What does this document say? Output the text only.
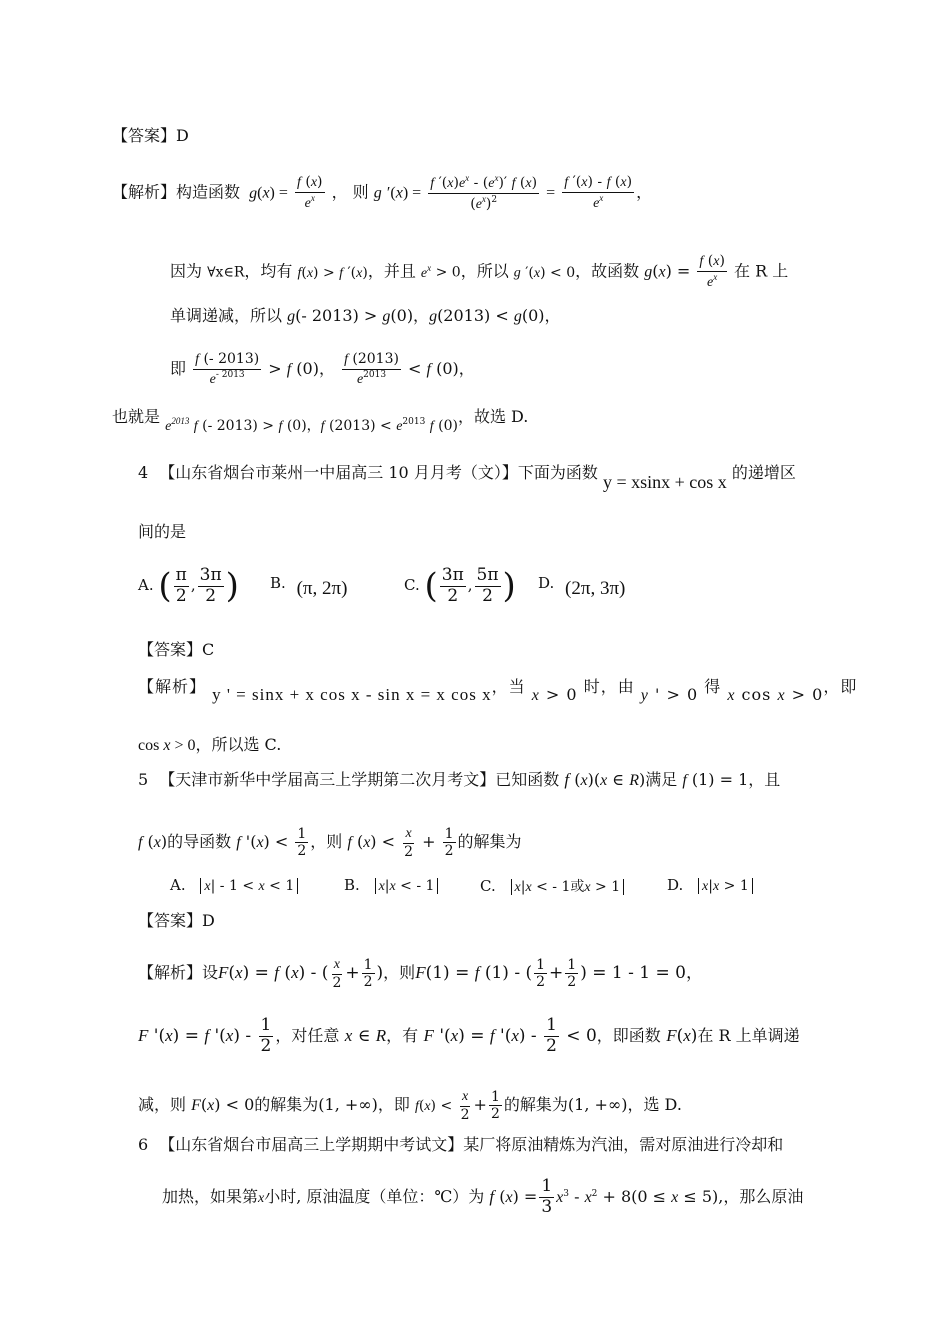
【答案】D
【解析】构造函数 $g(x) = \frac{f (x)}{e^x}$ ， 则 g $'(x) = \frac{f '(x)e^x - (e^x)' f (x)}{(e^x)^2} = \frac{f '(x) - f (x)}{e^x}$ ，
因为 ∀x∈R，均有 f(x) > f ′(x)，并且 $e^x > 0$，所以 g ′(x) < 0，故函数 $g(x) = \frac{f (x)}{e^x}$ 在 R 上
单调递减，所以 g(- 2013) > g(0)，g(2013) < g(0)，
即 $\frac{f (- 2013)}{e^{- 2013}} > f$ (0)， $\frac{f (2013)}{e^{2013}} < f$ (0)，
也就是 $e^{2013}$ f (- 2013) > f (0)，f $(2013) < e^{2013}$ f (0)，故选 D.
4 【山东省烟台市莱州一中届高三 10 月月考（文）】下面为函数 y = xsinx + cos x 的递增区
间的是
A. ( $\frac{\pi}{2}$ , $\frac{3\pi}{2}$ ) B. (π, 2π)	C. ( $\frac{3\pi}{2}$ , $\frac{5\pi}{2}$ ) D. (2π, 3π)
【答案】C
【解析】 y ' = sinx + x cos x - sin x = x cos x，当 x > 0 时，由 y ' > 0 得 x cos x > 0，即
cos x > 0，所以选 C.
5 【天津市新华中学届高三上学期第二次月考文】已知函数 f (x)(x ∈ R)满足 f (1) = 1，且
f (x)的导函数 f '$(x) < \frac{1}{2}$ ，则 f $(x) < \frac{x}{2} + \frac{1}{2}$ 的解集为
A. x| - 1 < x < 1	B. x|x < - 1	C. x|x < - 1或x > 1	D. x|x > 1
【答案】D
【解析】设F(x) = f (x) - ( $\frac{x}{2} + \frac{1}{2}$ )，则F(1) = f (1) - ( $\frac{1}{2} + \frac{1}{2}$ ) = 1 - 1 = 0，
F '(x) = f '$(x) - \frac{1}{2}$ ，对任意 x ∈ R，有 F '(x) = f '$(x) - \frac{1}{2} < 0$，即函数 F(x)在 R 上单调递
减，则 F(x) < 0的解集为(1, +∞)，即 $f(x) < \frac{x}{2} + \frac{1}{2}$ 的解集为(1, +∞)，选 D.
6 【山东省烟台市届高三上学期期中考试文】某厂将原油精炼为汽油，需对原油进行冷却和
加热，如果第x小时, 原油温度（单位：℃）为 f $(x) = \frac{1}{3} x^3 - x^2 + 8(0 \le x \le 5)$,，那么原油
